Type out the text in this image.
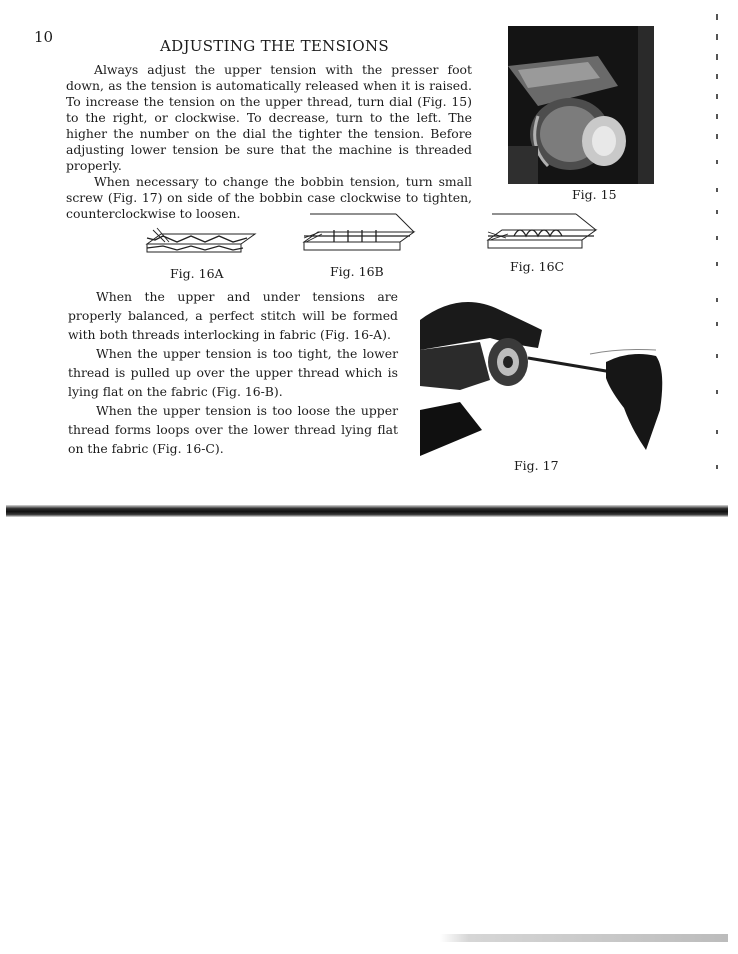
10	ADJUSTING THE TENSIONS

Always adjust the upper tension with the presser foot down, as the tension is automatically released when it is raised. To increase the tension on the upper thread, turn dial (Fig. 15) to the right, or clockwise. To decrease, turn to the left. The higher the number on the dial the tighter the tension. Before adjusting lower tension be sure that the machine is threaded properly.

When necessary to change the bobbin tension, turn small screw (Fig. 17) on side of the bobbin case clockwise to tighten, counterclockwise to loosen.

Fig. 15
Fig. 16A	Fig. 16B	Fig. 16C

When the upper and under tensions are properly balanced, a perfect stitch will be formed with both threads interlocking in fabric (Fig. 16-A).

When the upper tension is too tight, the lower thread is pulled up over the upper thread which is lying flat on the fabric (Fig. 16-B).

When the upper tension is too loose the upper thread forms loops over the lower thread lying flat on the fabric (Fig. 16-C).

Fig. 17
